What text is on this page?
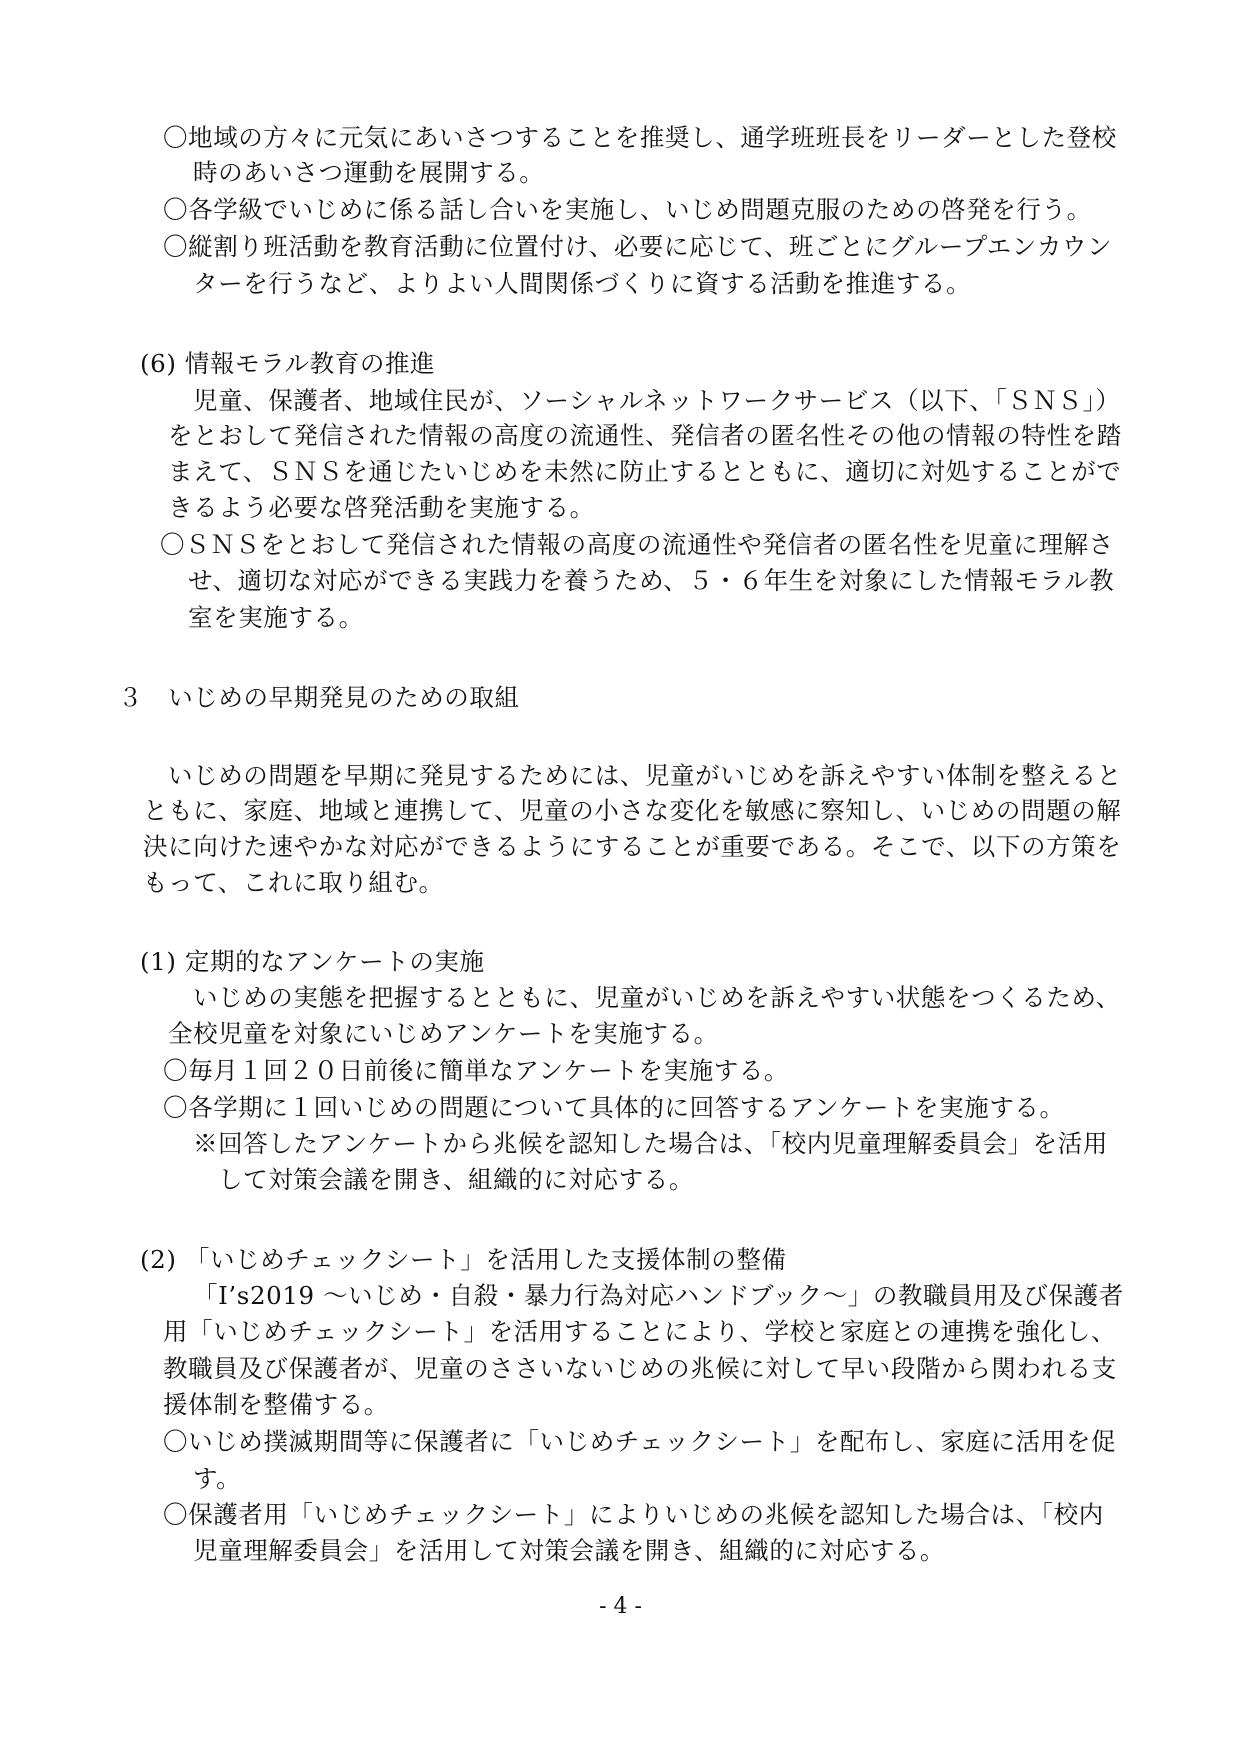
〇地域の方々に元気にあいさつすることを推奨し、通学班班長をリーダーとした登校
時のあいさつ運動を展開する。
〇各学級でいじめに係る話し合いを実施し、いじめ問題克服のための啓発を行う。
〇縦割り班活動を教育活動に位置付け、必要に応じて、班ごとにグループエンカウン
ターを行うなど、よりよい人間関係づくりに資する活動を推進する。
(6) 情報モラル教育の推進
児童、保護者、地域住民が、ソーシャルネットワークサービス（以下、「ＳＮＳ」）
をとおして発信された情報の高度の流通性、発信者の匿名性その他の情報の特性を踏
まえて、ＳＮＳを通じたいじめを未然に防止するとともに、適切に対処することがで
きるよう必要な啓発活動を実施する。
〇ＳＮＳをとおして発信された情報の高度の流通性や発信者の匿名性を児童に理解さ
せ、適切な対応ができる実践力を養うため、５・６年生を対象にした情報モラル教
室を実施する。
３　いじめの早期発見のための取組
いじめの問題を早期に発見するためには、児童がいじめを訴えやすい体制を整えると
ともに、家庭、地域と連携して、児童の小さな変化を敏感に察知し、いじめの問題の解
決に向けた速やかな対応ができるようにすることが重要である。そこで、以下の方策を
もって、これに取り組む。
(1) 定期的なアンケートの実施
いじめの実態を把握するとともに、児童がいじめを訴えやすい状態をつくるため、
全校児童を対象にいじめアンケートを実施する。
〇毎月１回２０日前後に簡単なアンケートを実施する。
〇各学期に１回いじめの問題について具体的に回答するアンケートを実施する。
※回答したアンケートから兆候を認知した場合は、「校内児童理解委員会」を活用
して対策会議を開き、組織的に対応する。
(2) 「いじめチェックシート」を活用した支援体制の整備
「I’s2019 ～いじめ・自殺・暴力行為対応ハンドブック～」の教職員用及び保護者
用「いじめチェックシート」を活用することにより、学校と家庭との連携を強化し、
教職員及び保護者が、児童のささいないじめの兆候に対して早い段階から関われる支
援体制を整備する。
〇いじめ撲滅期間等に保護者に「いじめチェックシート」を配布し、家庭に活用を促
す。
〇保護者用「いじめチェックシート」によりいじめの兆候を認知した場合は、「校内
児童理解委員会」を活用して対策会議を開き、組織的に対応する。
- 4 -
